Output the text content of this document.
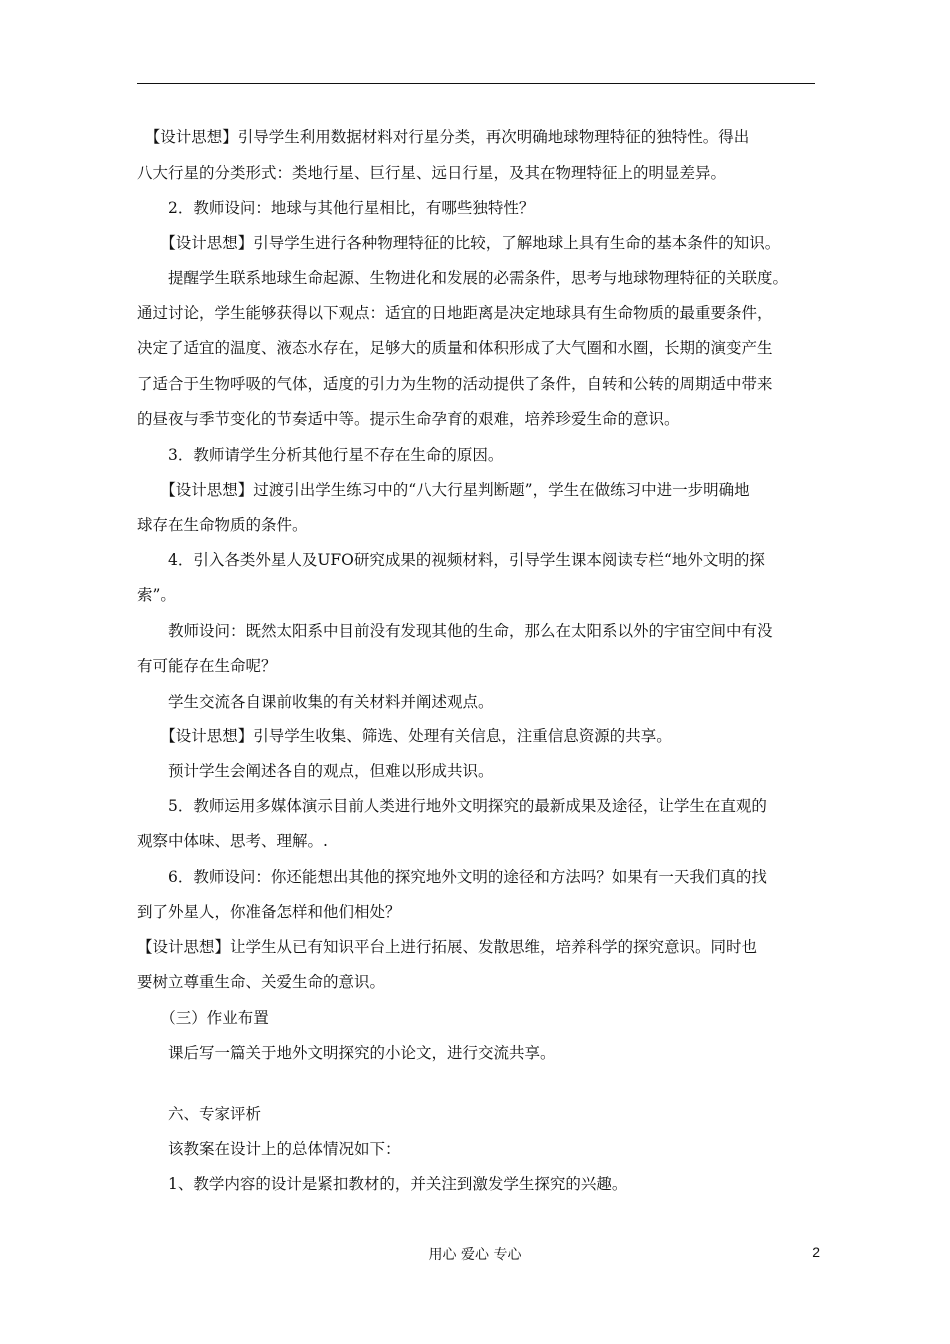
　【设计思想】引导学生利用数据材料对行星分类，再次明确地球物理特征的独特性。得出
八大行星的分类形式：类地行星、巨行星、远日行星，及其在物理特征上的明显差异。
　　2．教师设问：地球与其他行星相比，有哪些独特性？
　　【设计思想】引导学生进行各种物理特征的比较，了解地球上具有生命的基本条件的知识。
　　提醒学生联系地球生命起源、生物进化和发展的必需条件，思考与地球物理特征的关联度。
通过讨论，学生能够获得以下观点：适宜的日地距离是决定地球具有生命物质的最重要条件，
决定了适宜的温度、液态水存在，足够大的质量和体积形成了大气圈和水圈，长期的演变产生
了适合于生物呼吸的气体，适度的引力为生物的活动提供了条件，自转和公转的周期适中带来
的昼夜与季节变化的节奏适中等。提示生命孕育的艰难，培养珍爱生命的意识。
　　3．教师请学生分析其他行星不存在生命的原因。
　　【设计思想】过渡引出学生练习中的“八大行星判断题”，学生在做练习中进一步明确地
球存在生命物质的条件。
　　4．引入各类外星人及UFO研究成果的视频材料，引导学生课本阅读专栏“地外文明的探
索”。
　　教师设问：既然太阳系中目前没有发现其他的生命，那么在太阳系以外的宇宙空间中有没
有可能存在生命呢？
　　学生交流各自课前收集的有关材料并阐述观点。
　　【设计思想】引导学生收集、筛选、处理有关信息，注重信息资源的共享。
　　预计学生会阐述各自的观点，但难以形成共识。
　　5．教师运用多媒体演示目前人类进行地外文明探究的最新成果及途径，让学生在直观的
观察中体味、思考、理解。.
　　6．教师设问：你还能想出其他的探究地外文明的途径和方法吗？如果有一天我们真的找
到了外星人，你准备怎样和他们相处？
【设计思想】让学生从已有知识平台上进行拓展、发散思维，培养科学的探究意识。同时也
要树立尊重生命、关爱生命的意识。
　　（三）作业布置
　　课后写一篇关于地外文明探究的小论文，进行交流共享。
　　六、专家评析
　　该教案在设计上的总体情况如下：
　　1、教学内容的设计是紧扣教材的，并关注到激发学生探究的兴趣。
用心 爱心 专心	2
